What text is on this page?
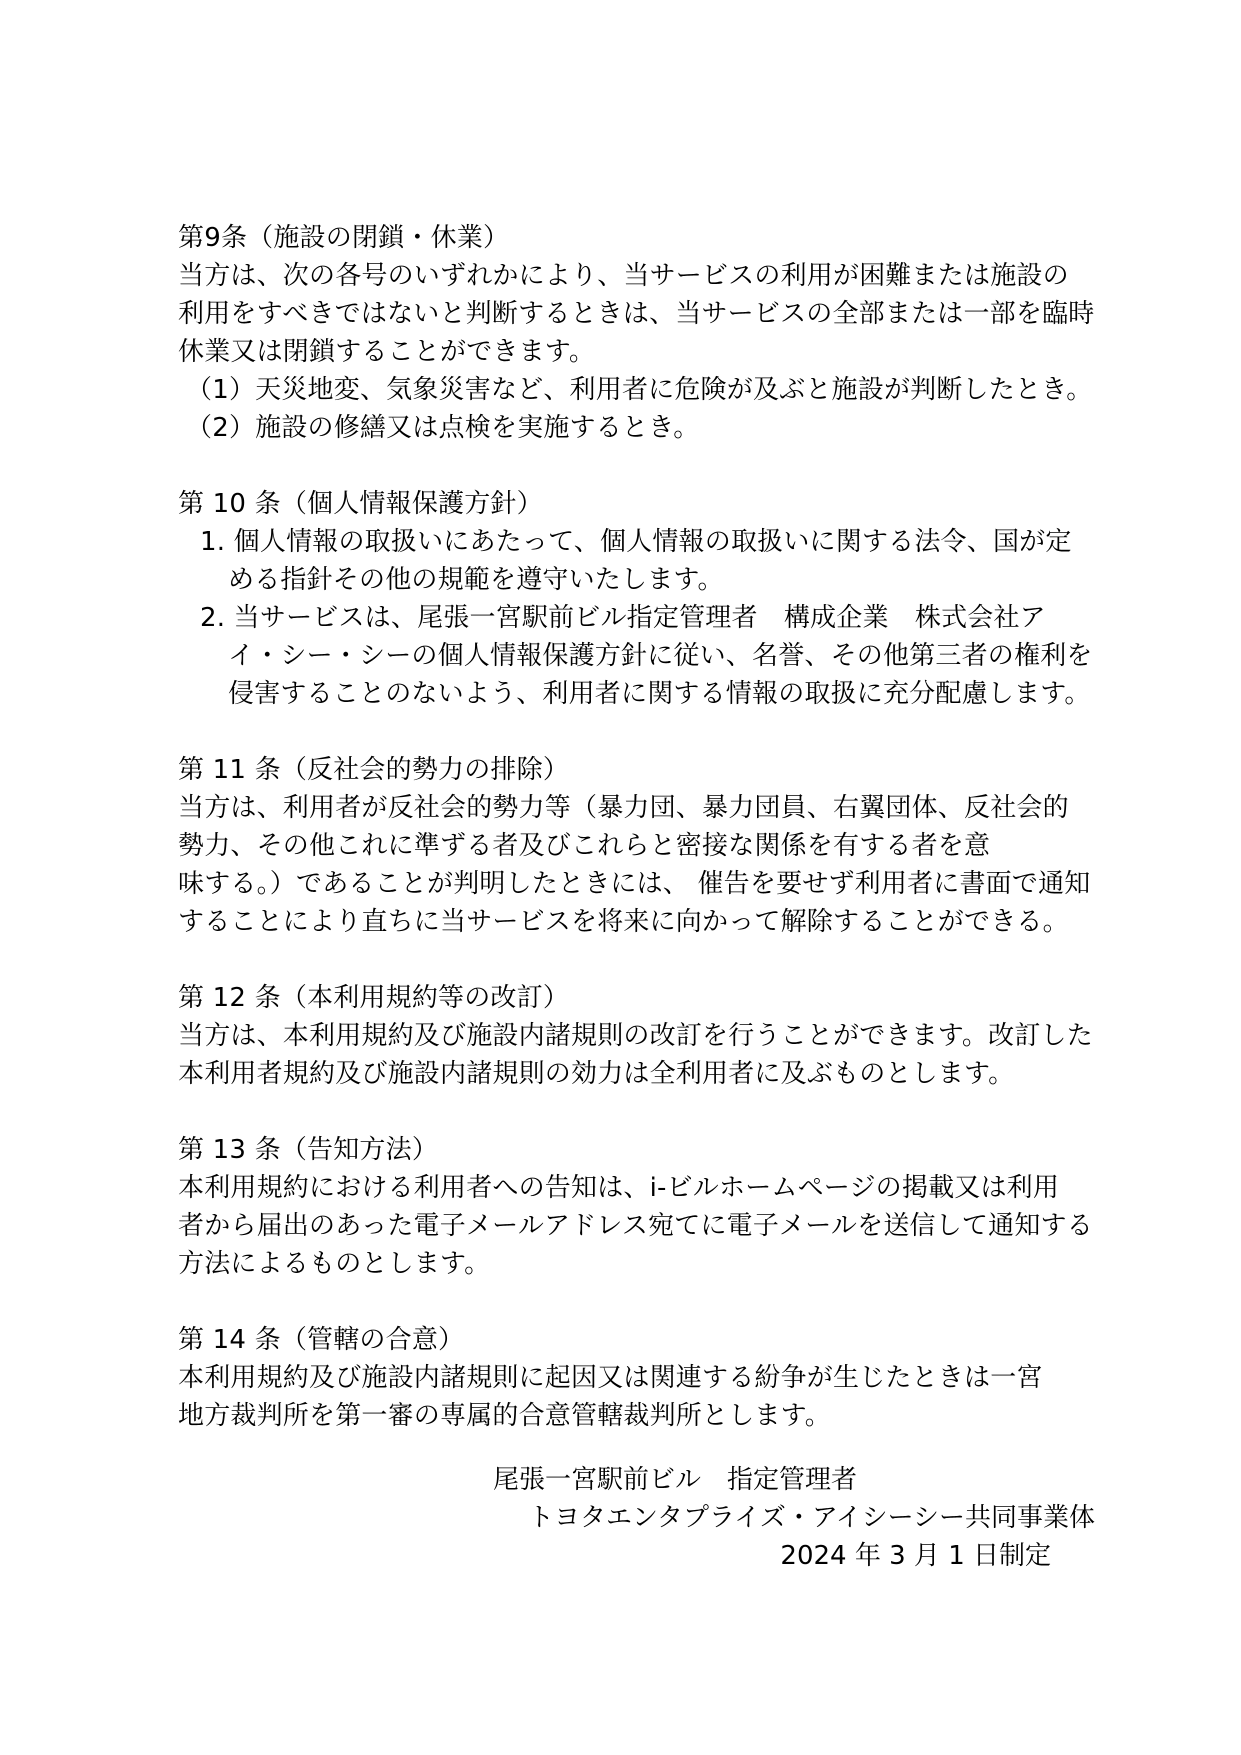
第9条（施設の閉鎖・休業）
当方は、次の各号のいずれかにより、当サービスの利用が困難または施設の
利用をすべきではないと判断するときは、当サービスの全部または一部を臨時
休業又は閉鎖することができます。
（1）天災地変、気象災害など、利用者に危険が及ぶと施設が判断したとき。
（2）施設の修繕又は点検を実施するとき。
第 10 条（個人情報保護方針）
1. 個人情報の取扱いにあたって、個人情報の取扱いに関する法令、国が定
める指針その他の規範を遵守いたします。
2. 当サービスは、尾張一宮駅前ビル指定管理者　構成企業　株式会社ア
イ・シー・シーの個人情報保護方針に従い、名誉、その他第三者の権利を
侵害することのないよう、利用者に関する情報の取扱に充分配慮します。
第 11 条（反社会的勢力の排除）
当方は、利用者が反社会的勢力等（暴力団、暴力団員、右翼団体、反社会的
勢力、その他これに準ずる者及びこれらと密接な関係を有する者を意
味する。）であることが判明したときには、 催告を要せず利用者に書面で通知
することにより直ちに当サービスを将来に向かって解除することができる。
第 12 条（本利用規約等の改訂）
当方は、本利用規約及び施設内諸規則の改訂を行うことができます。改訂した
本利用者規約及び施設内諸規則の効力は全利用者に及ぶものとします。
第 13 条（告知方法）
本利用規約における利用者への告知は、i-ビルホームページの掲載又は利用
者から届出のあった電子メールアドレス宛てに電子メールを送信して通知する
方法によるものとします。
第 14 条（管轄の合意）
本利用規約及び施設内諸規則に起因又は関連する紛争が生じたときは一宮
地方裁判所を第一審の専属的合意管轄裁判所とします。
尾張一宮駅前ビル　指定管理者
トヨタエンタプライズ・アイシーシー共同事業体
2024 年 3 月 1 日制定
